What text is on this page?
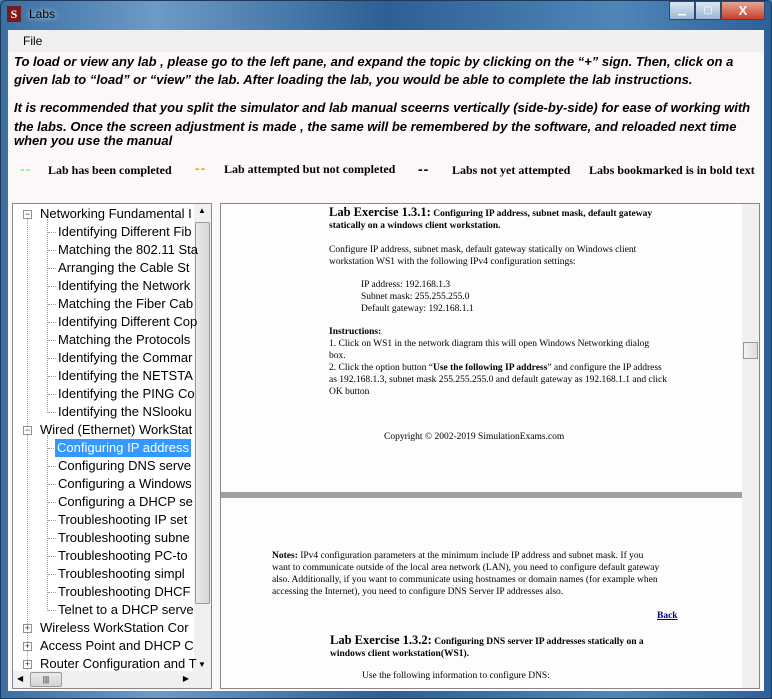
S Labs	▁	▢	X
File
To load or view any lab , please go to the left pane, and expand the topic by clicking on the “+” sign. Then, click on a
given lab to “load” or “view” the lab. After loading the lab, you would be able to complete the lab instructions.
It is recommended that you split the simulator and lab manual sceerns vertically (side-by-side) for ease of working with
the labs. Once the screen adjustment is made , the same will be remembered by the software, and reloaded next time
when you use the manual
-- Lab has been completed -- Lab attempted but not completed -- Labs not yet attempted Labs bookmarked is in bold text
▲
▼
◀	|||	▶
− Networking Fundamental I
Identifying Different Fib
Matching the 802.11 Sta
Arranging the Cable St
Identifying the Network
Matching the Fiber Cab
Identifying Different Cop
Matching the Protocols
Identifying the Commar
Identifying the NETSTA
Identifying the PING Co
Identifying the NSlooku
− Wired (Ethernet) WorkStat
Configuring IP address
Configuring DNS serve
Configuring a Windows
Configuring a DHCP se
Troubleshooting IP set
Troubleshooting subne
Troubleshooting PC-to
Troubleshooting simpl
Troubleshooting DHCF
Telnet to a DHCP serve
+ Wireless WorkStation Cor
+ Access Point and DHCP C
+ Router Configuration and T
Lab Exercise 1.3.1: Configuring IP address, subnet mask, default gateway
statically on a windows client workstation.
Configure IP address, subnet mask, default gateway statically on Windows client
workstation WS1 with the following IPv4 configuration settings:
IP address: 192.168.1.3
Subnet mask: 255.255.255.0
Default gateway: 192.168.1.1
Instructions:
1. Click on WS1 in the network diagram this will open Windows Networking dialog
box.
2. Click the option button “Use the following IP address” and configure the IP address
as 192.168.1.3, subnet mask 255.255.255.0 and default gateway as 192.168.1.1 and click
OK button
Copyright © 2002-2019 SimulationExams.com
Notes: IPv4 configuration parameters at the minimum include IP address and subnet mask. If you
want to communicate outside of the local area network (LAN), you need to configure default gateway
also. Additionally, if you want to communicate using hostnames or domain names (for example when
accessing the Internet), you need to configure DNS Server IP addresses also.
Back
Lab Exercise 1.3.2: Configuring DNS server IP addresses statically on a
windows client workstation(WS1).
Use the following information to configure DNS:
